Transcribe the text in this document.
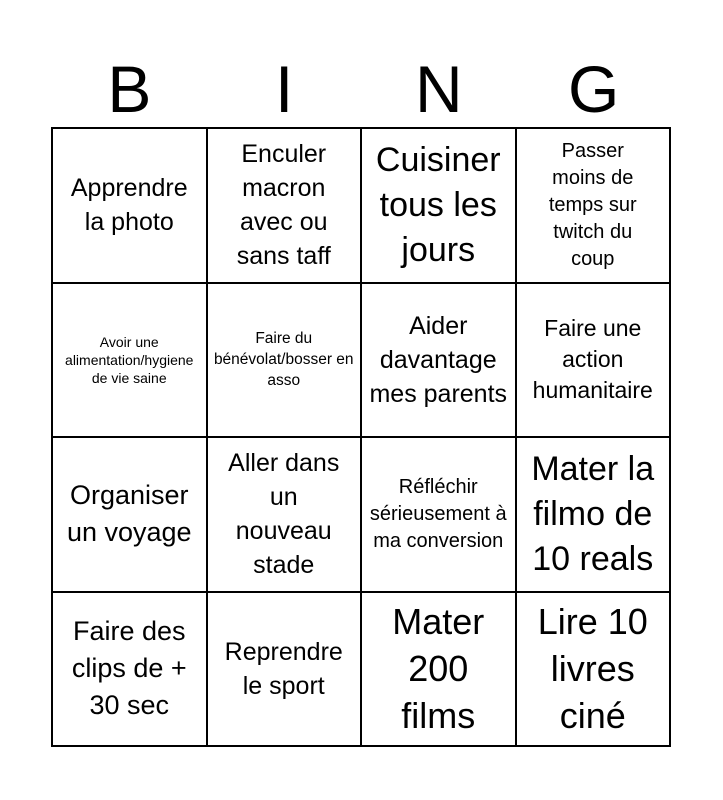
B	I	N	G
Apprendre la photo
Enculer macron avec ou sans taff
Cuisiner tous les jours
Passer moins de temps sur twitch du coup
Avoir une alimentation/hygiene de vie saine
Faire du bénévolat/bosser en asso
Aider davantage mes parents
Faire une action humanitaire
Organiser un voyage
Aller dans un nouveau stade
Réfléchir sérieusement à ma conversion
Mater la filmo de 10 reals
Faire des clips de + 30 sec
Reprendre le sport
Mater 200 films
Lire 10 livres ciné
